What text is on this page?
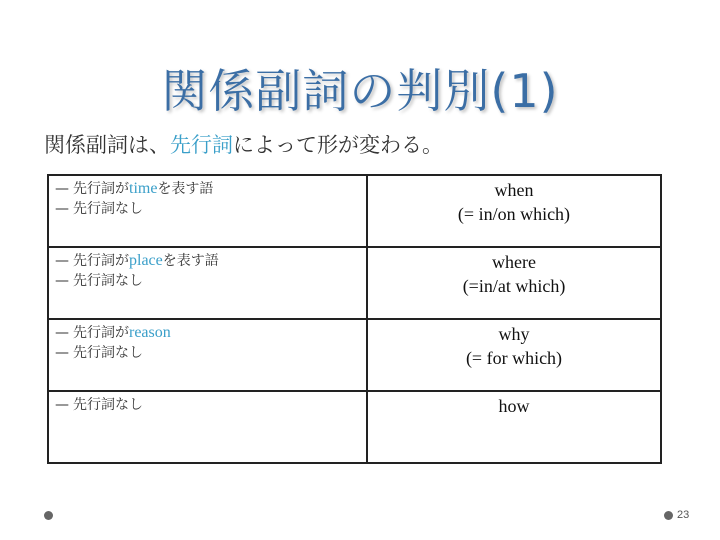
関係副詞の判別(1)
関係副詞は、先行詞によって形が変わる。
— 先行詞がtimeを表す語
— 先行詞なし	when
(= in/on which)

— 先行詞がplaceを表す語
— 先行詞なし	where
(=in/at which)

— 先行詞がreason
— 先行詞なし	why
(= for which)

— 先行詞なし	how
23
